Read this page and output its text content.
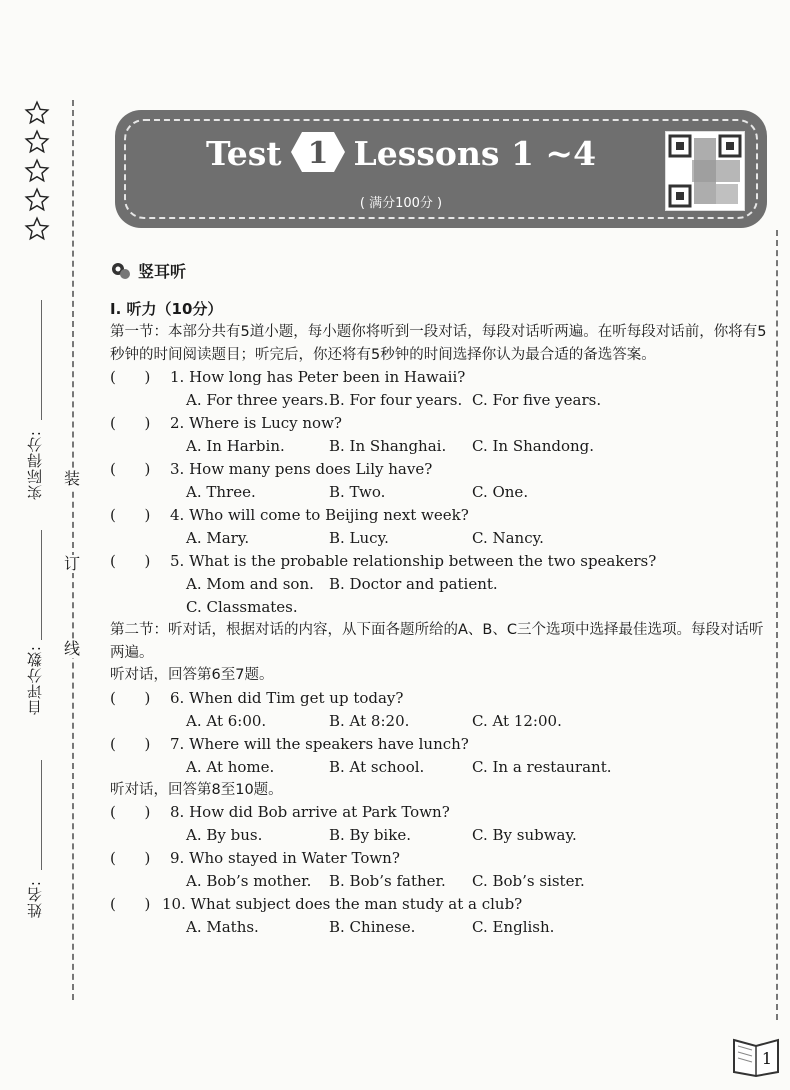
实际得分:
自评分数:
姓名:
装
订
线
Test 1 Lessons 1 ~4
( 满分100分 )
竖耳听
Ⅰ. 听力（10分）
第一节：本部分共有5道小题，每小题你将听到一段对话，每段对话听两遍。在听每段对话前，你将有5秒钟的时间阅读题目；听完后，你还将有5秒钟的时间选择你认为最合适的备选答案。
(      )	1. How long has Peter been in Hawaii?
A. For three years. B. For four years. C. For five years.
(      )	2. Where is Lucy now?
A. In Harbin.	B. In Shanghai.	C. In Shandong.
(      )	3. How many pens does Lily have?
A. Three.	B. Two.	C. One.
(      )	4. Who will come to Beijing next week?
A. Mary.	B. Lucy.	C. Nancy.
(      )	5. What is the probable relationship between the two speakers?
A. Mom and son.	B. Doctor and patient.
C. Classmates.
第二节：听对话，根据对话的内容，从下面各题所给的A、B、C三个选项中选择最佳选项。每段对话听两遍。
听对话，回答第6至7题。
(      )	6. When did Tim get up today?
A. At 6:00.	B. At 8:20.	C. At 12:00.
(      )	7. Where will the speakers have lunch?
A. At home.	B. At school.	C. In a restaurant.
听对话，回答第8至10题。
(      )	8. How did Bob arrive at Park Town?
A. By bus.	B. By bike.	C. By subway.
(      )	9. Who stayed in Water Town?
A. Bob’s mother.	B. Bob’s father.	C. Bob’s sister.
(      ) 10. What subject does the man study at a club?
A. Maths.	B. Chinese.	C. English.
1
